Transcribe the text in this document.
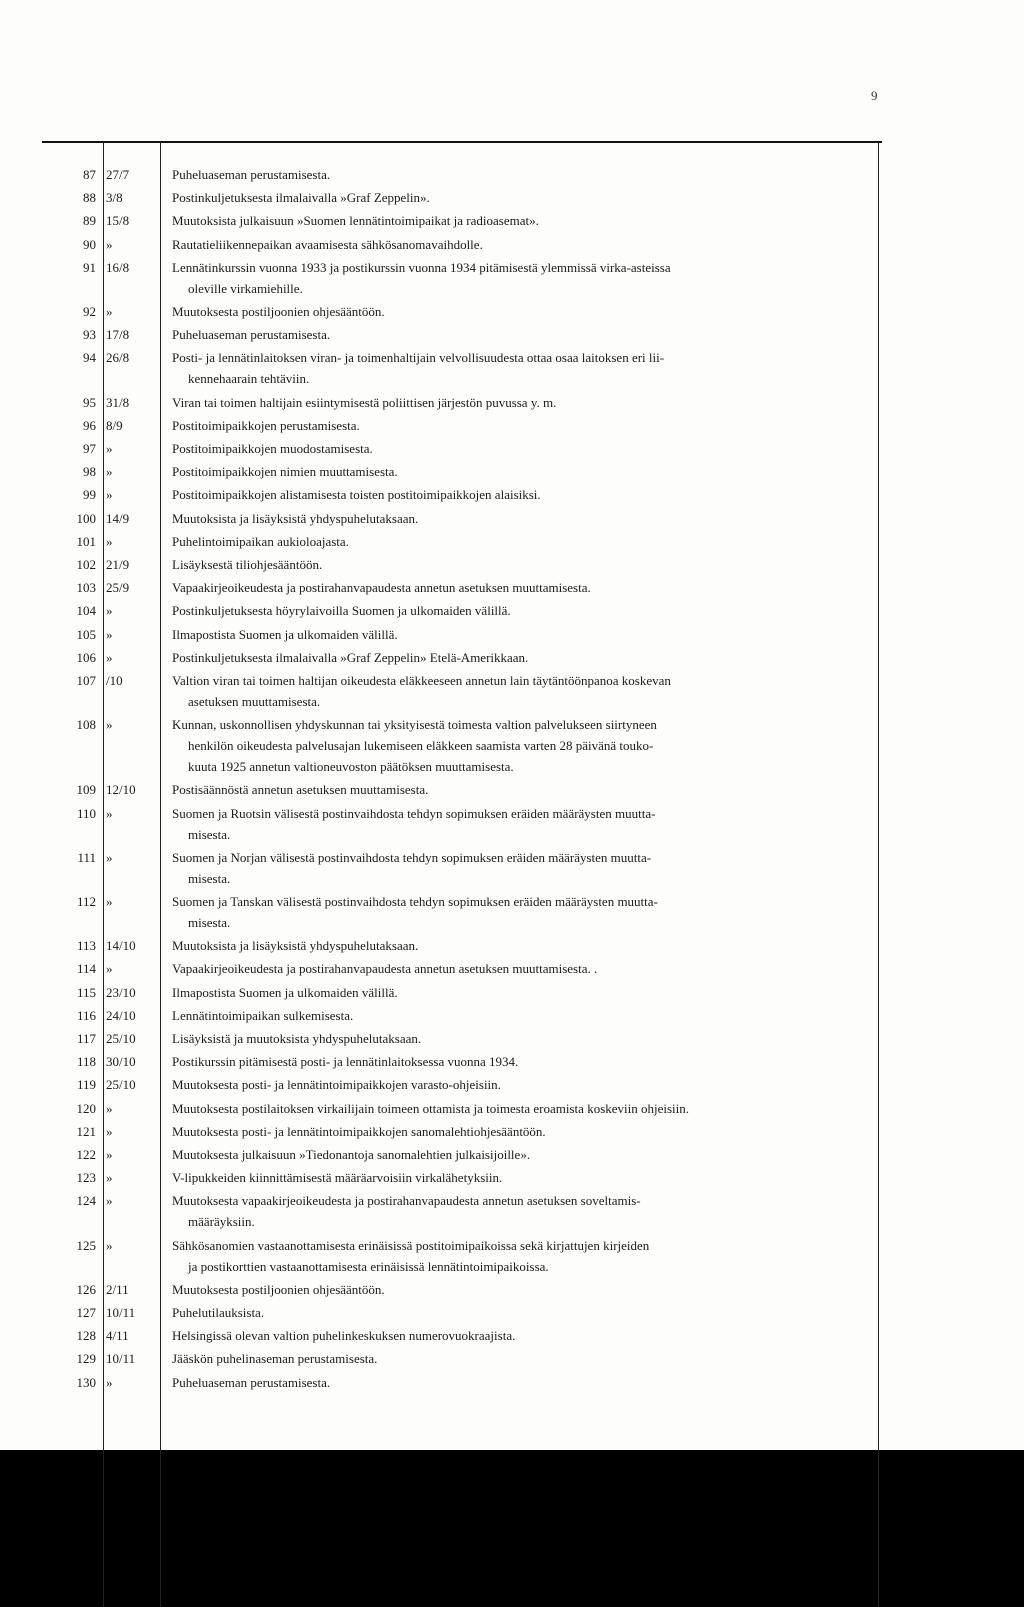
9
87 27/7	Puheluaseman perustamisesta.
88 3/8	Postinkuljetuksesta ilmalaivalla »Graf Zeppelin».
89 15/8	Muutoksista julkaisuun »Suomen lennätintoimipaikat ja radioasemat».
90 »	Rautatieliikennepaikan avaamisesta sähkösanomavaihdolle.
91 16/8	Lennätinkurssin vuonna 1933 ja postikurssin vuonna 1934 pitämisestä ylemmissä virka-asteissa
oleville virkamiehille.
92 »	Muutoksesta postiljoonien ohjesääntöön.
93 17/8	Puheluaseman perustamisesta.
94 26/8	Posti- ja lennätinlaitoksen viran- ja toimenhaltijain velvollisuudesta ottaa osaa laitoksen eri lii-
kennehaarain tehtäviin.
95 31/8	Viran tai toimen haltijain esiintymisestä poliittisen järjestön puvussa y. m.
96 8/9	Postitoimipaikkojen perustamisesta.
97 »	Postitoimipaikkojen muodostamisesta.
98 »	Postitoimipaikkojen nimien muuttamisesta.
99 »	Postitoimipaikkojen alistamisesta toisten postitoimipaikkojen alaisiksi.
100 14/9	Muutoksista ja lisäyksistä yhdyspuhelutaksaan.
101 »	Puhelintoimipaikan aukioloajasta.
102 21/9	Lisäyksestä tiliohjesääntöön.
103 25/9	Vapaakirjeoikeudesta ja postirahanvapaudesta annetun asetuksen muuttamisesta.
104 »	Postinkuljetuksesta höyrylaivoilla Suomen ja ulkomaiden välillä.
105 »	Ilmapostista Suomen ja ulkomaiden välillä.
106 »	Postinkuljetuksesta ilmalaivalla »Graf Zeppelin» Etelä-Amerikkaan.
107 /10	Valtion viran tai toimen haltijan oikeudesta eläkkeeseen annetun lain täytäntöönpanoa koskevan
asetuksen muuttamisesta.
108 »	Kunnan, uskonnollisen yhdyskunnan tai yksityisestä toimesta valtion palvelukseen siirtyneen
henkilön oikeudesta palvelusajan lukemiseen eläkkeen saamista varten 28 päivänä touko-
kuuta 1925 annetun valtioneuvoston päätöksen muuttamisesta.
109 12/10	Postisäännöstä annetun asetuksen muuttamisesta.
110 »	Suomen ja Ruotsin välisestä postinvaihdosta tehdyn sopimuksen eräiden määräysten muutta-
misesta.
111 »	Suomen ja Norjan välisestä postinvaihdosta tehdyn sopimuksen eräiden määräysten muutta-
misesta.
112 »	Suomen ja Tanskan välisestä postinvaihdosta tehdyn sopimuksen eräiden määräysten muutta-
misesta.
113 14/10	Muutoksista ja lisäyksistä yhdyspuhelutaksaan.
114 »	Vapaakirjeoikeudesta ja postirahanvapaudesta annetun asetuksen muuttamisesta. .
115 23/10	Ilmapostista Suomen ja ulkomaiden välillä.
116 24/10	Lennätintoimipaikan sulkemisesta.
117 25/10	Lisäyksistä ja muutoksista yhdyspuhelutaksaan.
118 30/10	Postikurssin pitämisestä posti- ja lennätinlaitoksessa vuonna 1934.
119 25/10	Muutoksesta posti- ja lennätintoimipaikkojen varasto-ohjeisiin.
120 »	Muutoksesta postilaitoksen virkailijain toimeen ottamista ja toimesta eroamista koskeviin ohjeisiin.
121 »	Muutoksesta posti- ja lennätintoimipaikkojen sanomalehtiohjesääntöön.
122 »	Muutoksesta julkaisuun »Tiedonantoja sanomalehtien julkaisijoille».
123 »	V-lipukkeiden kiinnittämisestä määräarvoisiin virkalähetyksiin.
124 »	Muutoksesta vapaakirjeoikeudesta ja postirahanvapaudesta annetun asetuksen soveltamis-
määräyksiin.
125 »	Sähkösanomien vastaanottamisesta erinäisissä postitoimipaikoissa sekä kirjattujen kirjeiden
ja postikorttien vastaanottamisesta erinäisissä lennätintoimipaikoissa.
126 2/11	Muutoksesta postiljoonien ohjesääntöön.
127 10/11	Puhelutilauksista.
128 4/11	Helsingissä olevan valtion puhelinkeskuksen numerovuokraajista.
129 10/11	Jääskön puhelinaseman perustamisesta.
130 »	Puheluaseman perustamisesta.
